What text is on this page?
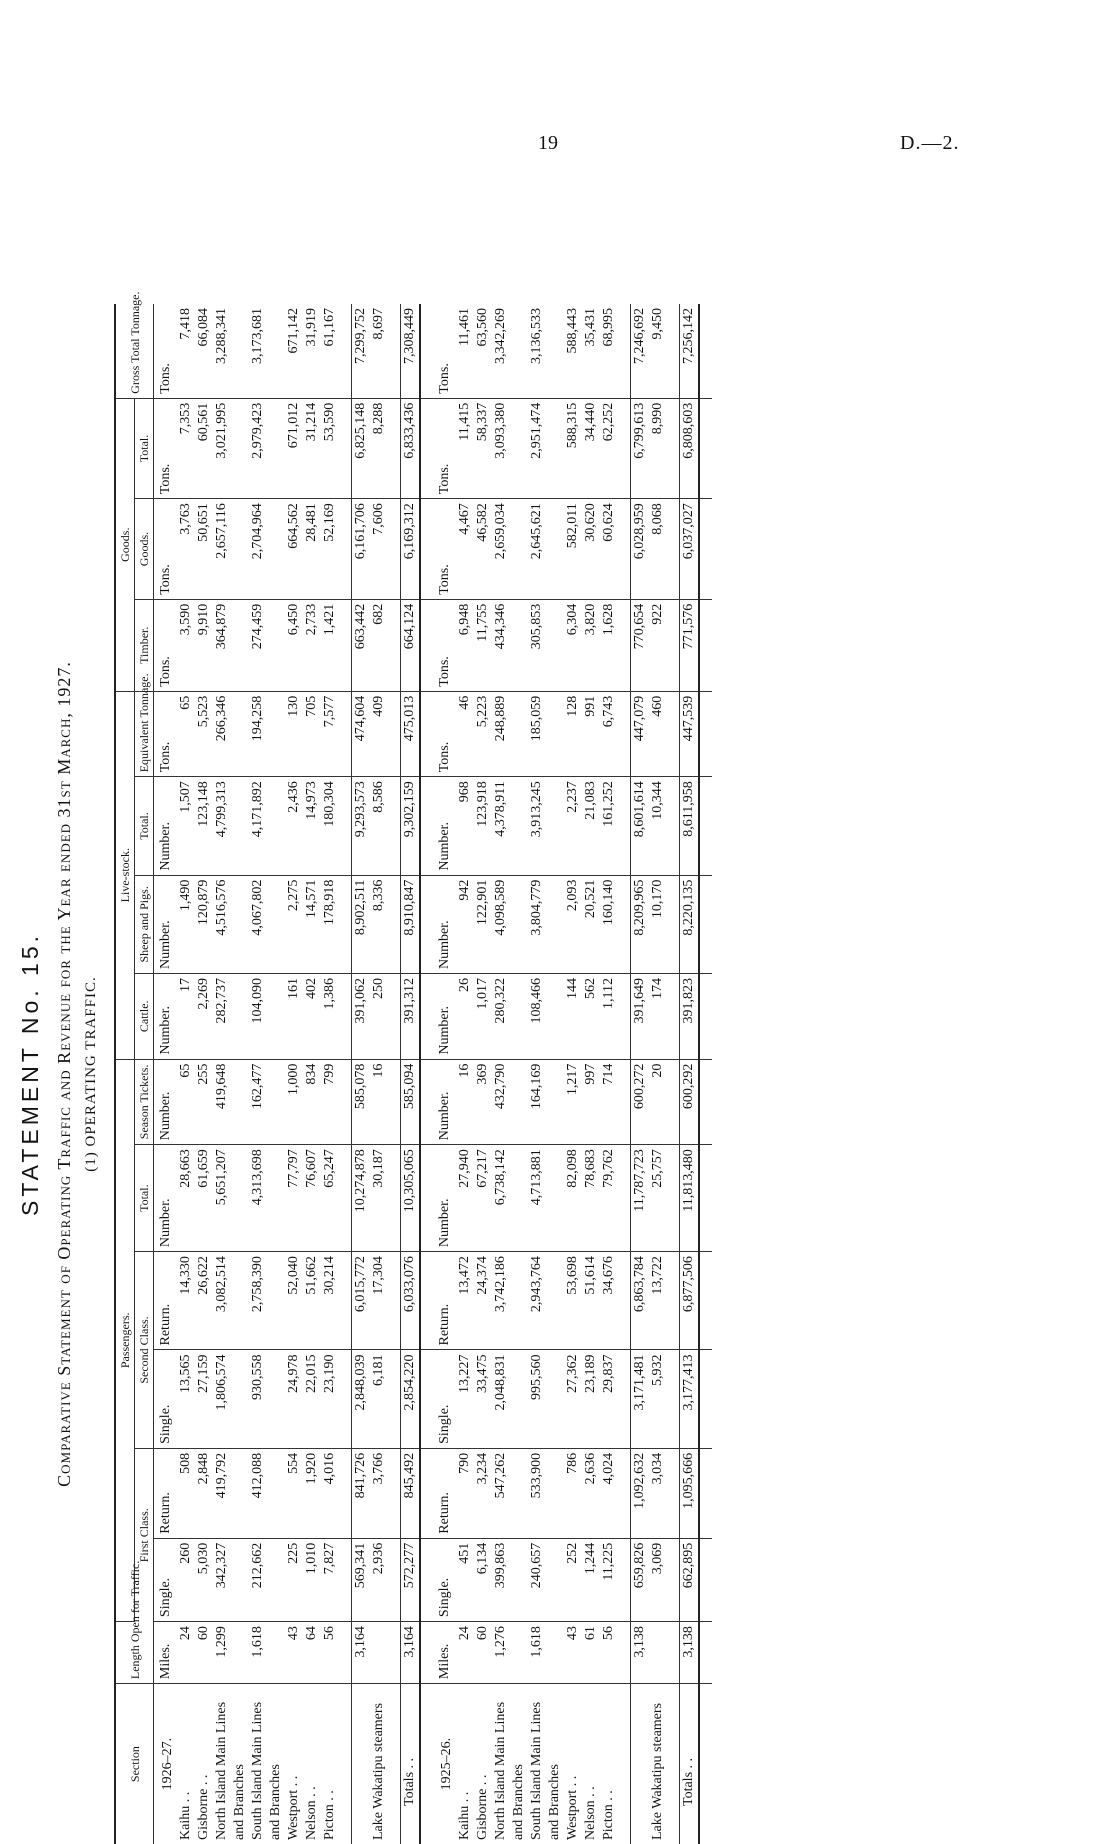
19	D.—2.
STATEMENT No. 15. Comparative Statement of Operating Traffic and Revenue for the Year ended 31st March, 1927. (1) OPERATING TRAFFIC.
Section	Length Open for Traffic.	Passengers.						Live-stock.				Goods.			Gross Total Tonnage.
		First Class.		Second Class.		Total.	Season Tickets.	Cattle.	Sheep and Pigs.	Total.	Equivalent Tonnage.	Timber.	Goods.	Total.	
1926–27.	Miles.	Single.	Return.	Single.	Return.	Number.	Number.	Number.	Number.	Number.	Tons.	Tons.	Tons.	Tons.	Tons.
Kaihu . .	24	260	508	13,565	14,330	28,663	65	17	1,490	1,507	65	3,590	3,763	7,353	7,418
Gisborne . .	60	5,030	2,848	27,159	26,622	61,659	255	2,269	120,879	123,148	5,523	9,910	50,651	60,561	66,084
North Island Main Lines	1,299	342,327	419,792	1,806,574	3,082,514	5,651,207	419,648	282,737	4,516,576	4,799,313	266,346	364,879	2,657,116	3,021,995	3,288,341
and Branches															
South Island Main Lines	1,618	212,662	412,088	930,558	2,758,390	4,313,698	162,477	104,090	4,067,802	4,171,892	194,258	274,459	2,704,964	2,979,423	3,173,681
and Branches															
Westport . .	43	225	554	24,978	52,040	77,797	1,000	161	2,275	2,436	130	6,450	664,562	671,012	671,142
Nelson . .	64	1,010	1,920	22,015	51,662	76,607	834	402	14,571	14,973	705	2,733	28,481	31,214	31,919
Picton . .	56	7,827	4,016	23,190	30,214	65,247	799	1,386	178,918	180,304	7,577	1,421	52,169	53,590	61,167

	3,164	569,341	841,726	2,848,039	6,015,772	10,274,878	585,078	391,062	8,902,511	9,293,573	474,604	663,442	6,161,706	6,825,148	7,299,752
Lake Wakatipu steamers		2,936	3,766	6,181	17,304	30,187	16	250	8,336	8,586	409	682	7,606	8,288	8,697

Totals . .	3,164	572,277	845,492	2,854,220	6,033,076	10,305,065	585,094	391,312	8,910,847	9,302,159	475,013	664,124	6,169,312	6,833,436	7,308,449

1925–26.	Miles.	Single.	Return.	Single.	Return.	Number.	Number.	Number.	Number.	Number.	Tons.	Tons.	Tons.	Tons.	Tons.
Kaihu . .	24	451	790	13,227	13,472	27,940	16	26	942	968	46	6,948	4,467	11,415	11,461
Gisborne . .	60	6,134	3,234	33,475	24,374	67,217	369	1,017	122,901	123,918	5,223	11,755	46,582	58,337	63,560
North Island Main Lines	1,276	399,863	547,262	2,048,831	3,742,186	6,738,142	432,790	280,322	4,098,589	4,378,911	248,889	434,346	2,659,034	3,093,380	3,342,269
and Branches															
South Island Main Lines	1,618	240,657	533,900	995,560	2,943,764	4,713,881	164,169	108,466	3,804,779	3,913,245	185,059	305,853	2,645,621	2,951,474	3,136,533
and Branches															
Westport . .	43	252	786	27,362	53,698	82,098	1,217	144	2,093	2,237	128	6,304	582,011	588,315	588,443
Nelson . .	61	1,244	2,636	23,189	51,614	78,683	997	562	20,521	21,083	991	3,820	30,620	34,440	35,431
Picton . .	56	11,225	4,024	29,837	34,676	79,762	714	1,112	160,140	161,252	6,743	1,628	60,624	62,252	68,995

	3,138	659,826	1,092,632	3,171,481	6,863,784	11,787,723	600,272	391,649	8,209,965	8,601,614	447,079	770,654	6,028,959	6,799,613	7,246,692
Lake Wakatipu steamers		3,069	3,034	5,932	13,722	25,757	20	174	10,170	10,344	460	922	8,068	8,990	9,450

Totals . .	3,138	662,895	1,095,666	3,177,413	6,877,506	11,813,480	600,292	391,823	8,220,135	8,611,958	447,539	771,576	6,037,027	6,808,603	7,256,142
